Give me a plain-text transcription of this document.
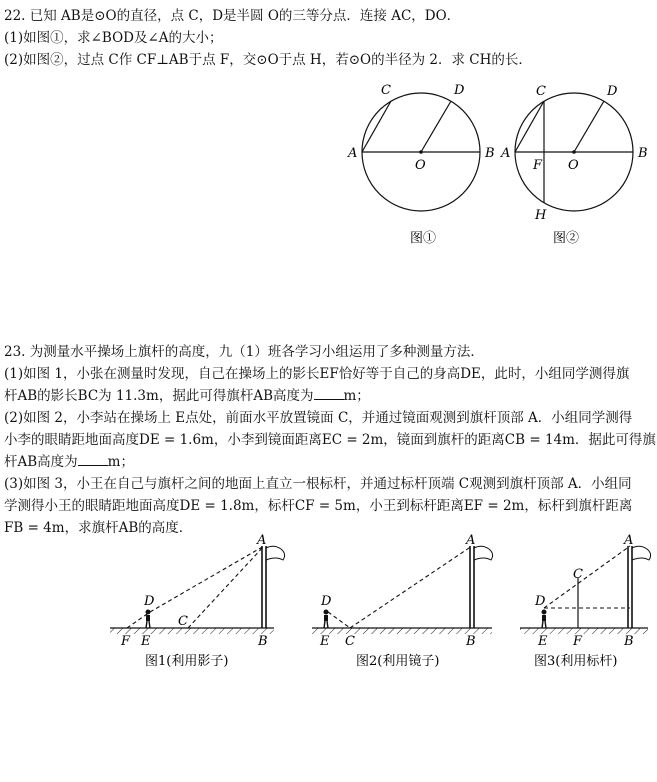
22. 已知 AB是⊙O的直径，点 C，D是半圆 O的三等分点．连接 AC，DO．
(1)如图①，求∠BOD及∠A的大小；
(2)如图②，过点 C作 CF⊥AB于点 F，交⊙O于点 H，若⊙O的半径为 2．求 CH的长．
A	B
C	D
O
图①
A	B
C	D
O
F
H
图②
23. 为测量水平操场上旗杆的高度，九（1）班各学习小组运用了多种测量方法．
(1)如图 1，小张在测量时发现，自己在操场上的影长EF恰好等于自己的身高DE，此时，小组同学测得旗
杆AB的影长BC为 11.3m，据此可得旗杆AB高度为 m；
(2)如图 2，小李站在操场上 E点处，前面水平放置镜面 C，并通过镜面观测到旗杆顶部 A．小组同学测得
小李的眼睛距地面高度DE = 1.6m，小李到镜面距离EC = 2m，镜面到旗杆的距离CB = 14m．据此可得旗
杆AB高度为 m；
(3)如图 3，小王在自己与旗杆之间的地面上直立一根标杆，并通过标杆顶端 C观测到旗杆顶部 A．小组同
学测得小王的眼睛距地面高度DE = 1.8m，标杆CF = 5m，小王到标杆距离EF = 2m，标杆到旗杆距离
FB = 4m，求旗杆AB的高度．
D
F E
C
A
B
图1(利用影子)
D
E C
A
B
图2(利用镜子)
D
C
E F
A
B
图3(利用标杆)
